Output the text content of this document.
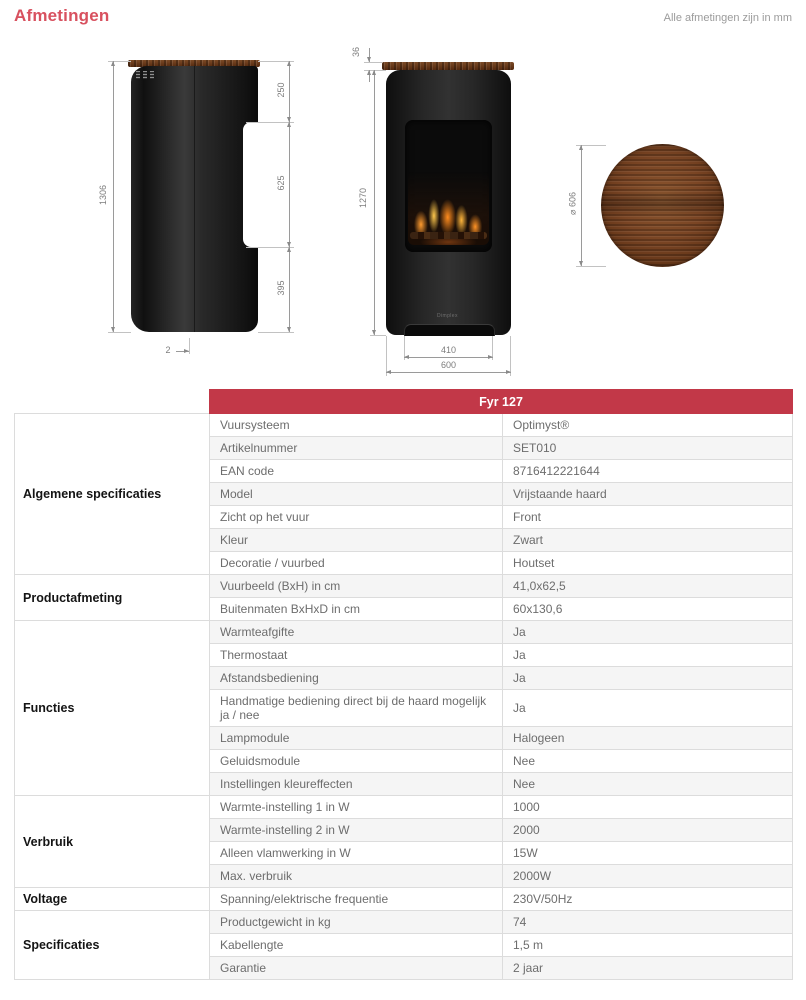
Afmetingen	Alle afmetingen zijn in mm
1306
250
625
395
2
Dimplex
36
1270
410
600
⌀ 606
	Fyr 127	
Algemene specificaties	Vuursysteem	Optimyst®
	Artikelnummer	SET010
	EAN code	8716412221644
	Model	Vrijstaande haard
	Zicht op het vuur	Front
	Kleur	Zwart
	Decoratie / vuurbed	Houtset
Productafmeting	Vuurbeeld (BxH) in cm	41,0x62,5
	Buitenmaten BxHxD in cm	60x130,6
Functies	Warmteafgifte	Ja
	Thermostaat	Ja
	Afstandsbediening	Ja
	Handmatige bediening direct bij de haard mogelijk ja / nee	Ja
	Lampmodule	Halogeen
	Geluidsmodule	Nee
	Instellingen kleureffecten	Nee
Verbruik	Warmte-instelling 1 in W	1000
	Warmte-instelling 2 in W	2000
	Alleen vlamwerking in W	15W
	Max. verbruik	2000W
Voltage	Spanning/elektrische frequentie	230V/50Hz
Specificaties	Productgewicht in kg	74
	Kabellengte	1,5 m
	Garantie	2 jaar
